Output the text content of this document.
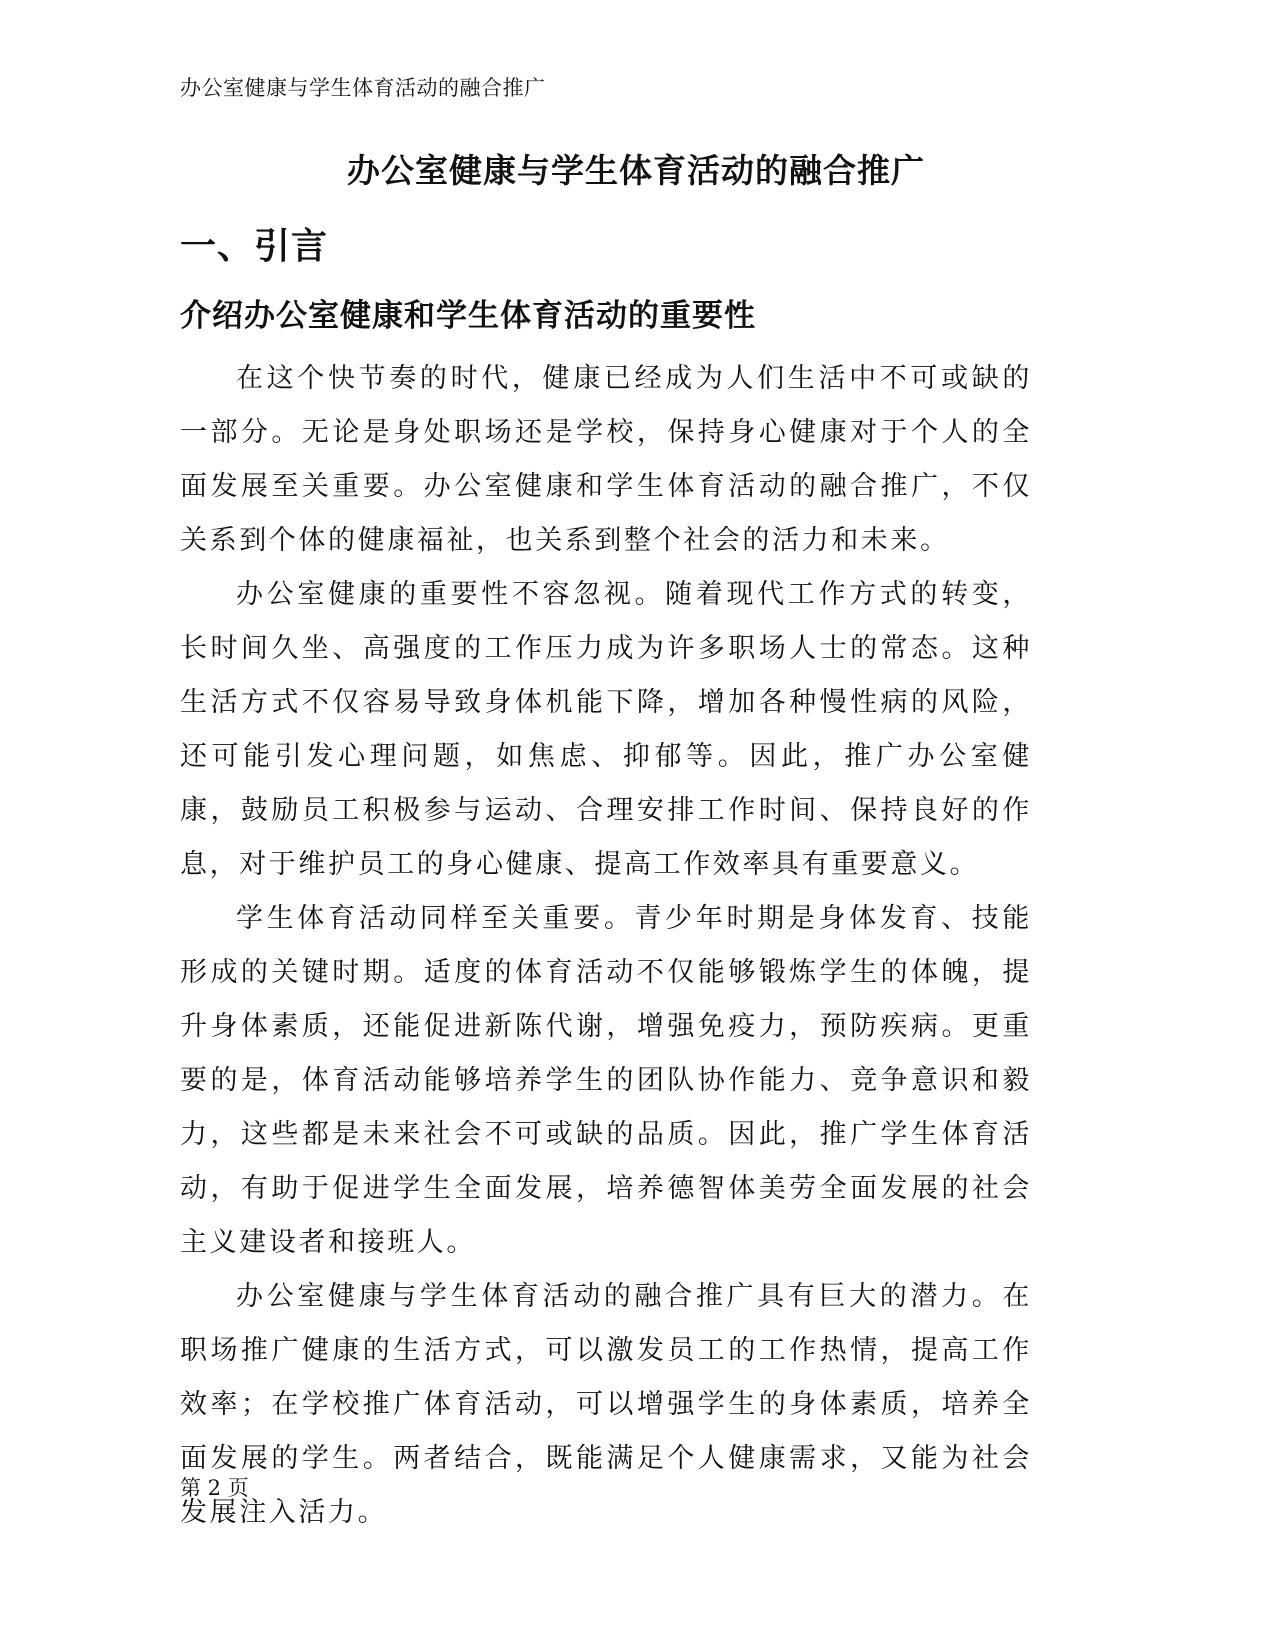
办公室健康与学生体育活动的融合推广
办公室健康与学生体育活动的融合推广
一、引言
介绍办公室健康和学生体育活动的重要性

在这个快节奏的时代，健康已经成为人们生活中不可或缺的一部分。无论是身处职场还是学校，保持身心健康对于个人的全面发展至关重要。办公室健康和学生体育活动的融合推广，不仅关系到个体的健康福祉，也关系到整个社会的活力和未来。

办公室健康的重要性不容忽视。随着现代工作方式的转变，长时间久坐、高强度的工作压力成为许多职场人士的常态。这种生活方式不仅容易导致身体机能下降，增加各种慢性病的风险，还可能引发心理问题，如焦虑、抑郁等。因此，推广办公室健康，鼓励员工积极参与运动、合理安排工作时间、保持良好的作息，对于维护员工的身心健康、提高工作效率具有重要意义。

学生体育活动同样至关重要。青少年时期是身体发育、技能形成的关键时期。适度的体育活动不仅能够锻炼学生的体魄，提升身体素质，还能促进新陈代谢，增强免疫力，预防疾病。更重要的是，体育活动能够培养学生的团队协作能力、竞争意识和毅力，这些都是未来社会不可或缺的品质。因此，推广学生体育活动，有助于促进学生全面发展，培养德智体美劳全面发展的社会主义建设者和接班人。

办公室健康与学生体育活动的融合推广具有巨大的潜力。在职场推广健康的生活方式，可以激发员工的工作热情，提高工作效率；在学校推广体育活动，可以增强学生的身体素质，培养全面发展的学生。两者结合，既能满足个人健康需求，又能为社会发展注入活力。

第 2 页
